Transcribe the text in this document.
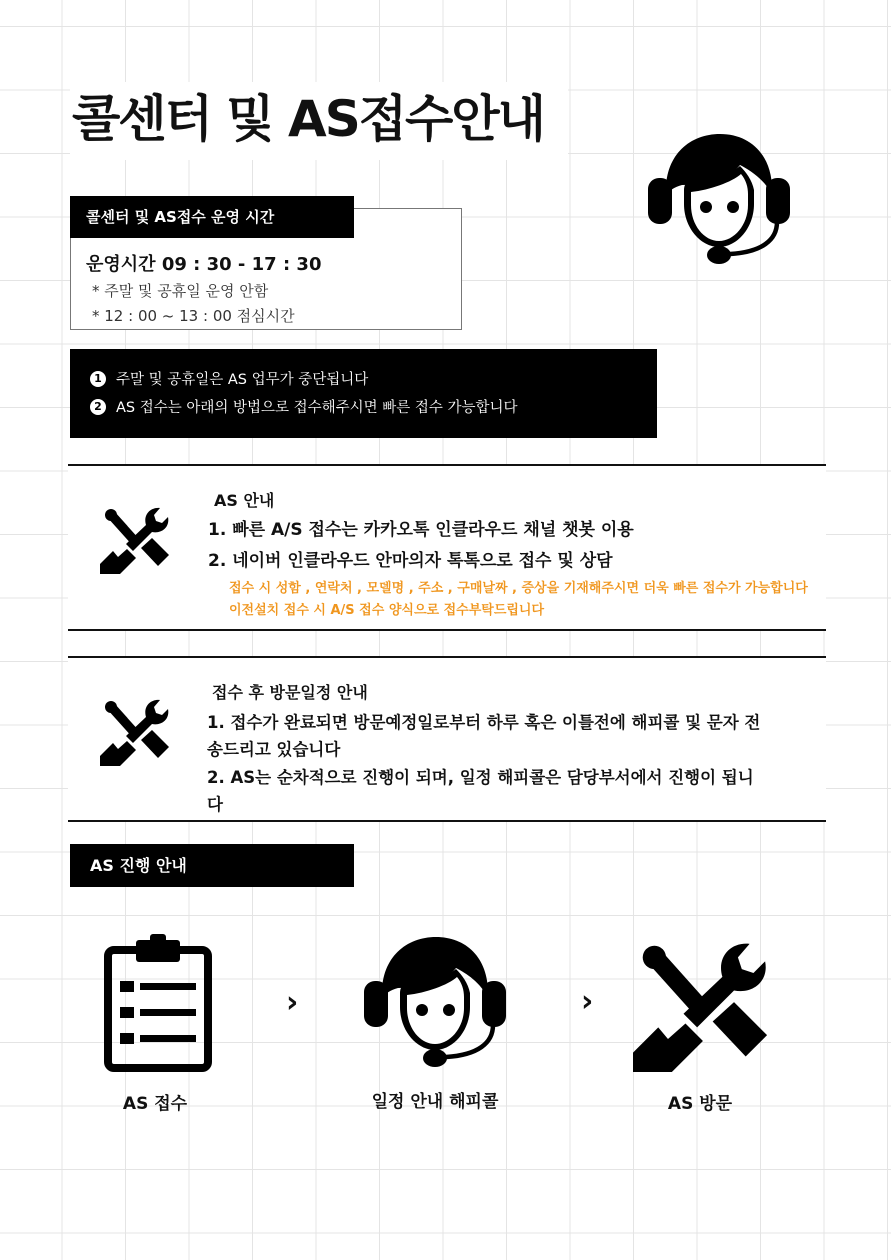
콜센터 및 AS접수안내
콜센터 및 AS접수 운영 시간
운영시간 09 : 30 - 17 : 30
* 주말 및 공휴일 운영 안함
* 12 : 00 ~ 13 : 00 점심시간
1 주말 및 공휴일은 AS 업무가 중단됩니다
2 AS 접수는 아래의 방법으로 접수해주시면 빠른 접수 가능합니다
AS 안내
1. 빠른 A/S 접수는 카카오톡 인클라우드 채널 챗봇 이용
2. 네이버 인클라우드 안마의자 톡톡으로 접수 및 상담
접수 시 성함 , 연락처 , 모델명 , 주소 , 구매날짜 , 증상을 기재해주시면 더욱 빠른 접수가 가능합니다
이전설치 접수 시 A/S 접수 양식으로 접수부탁드립니다
접수 후 방문일정 안내
1. 접수가 완료되면 방문예정일로부터 하루 혹은 이틀전에 해피콜 및 문자 전
송드리고 있습니다
2. AS는 순차적으로 진행이 되며, 일정 해피콜은 담당부서에서 진행이 됩니
다
AS 진행 안내
AS 접수
›
일정 안내 해피콜
›
AS 방문
